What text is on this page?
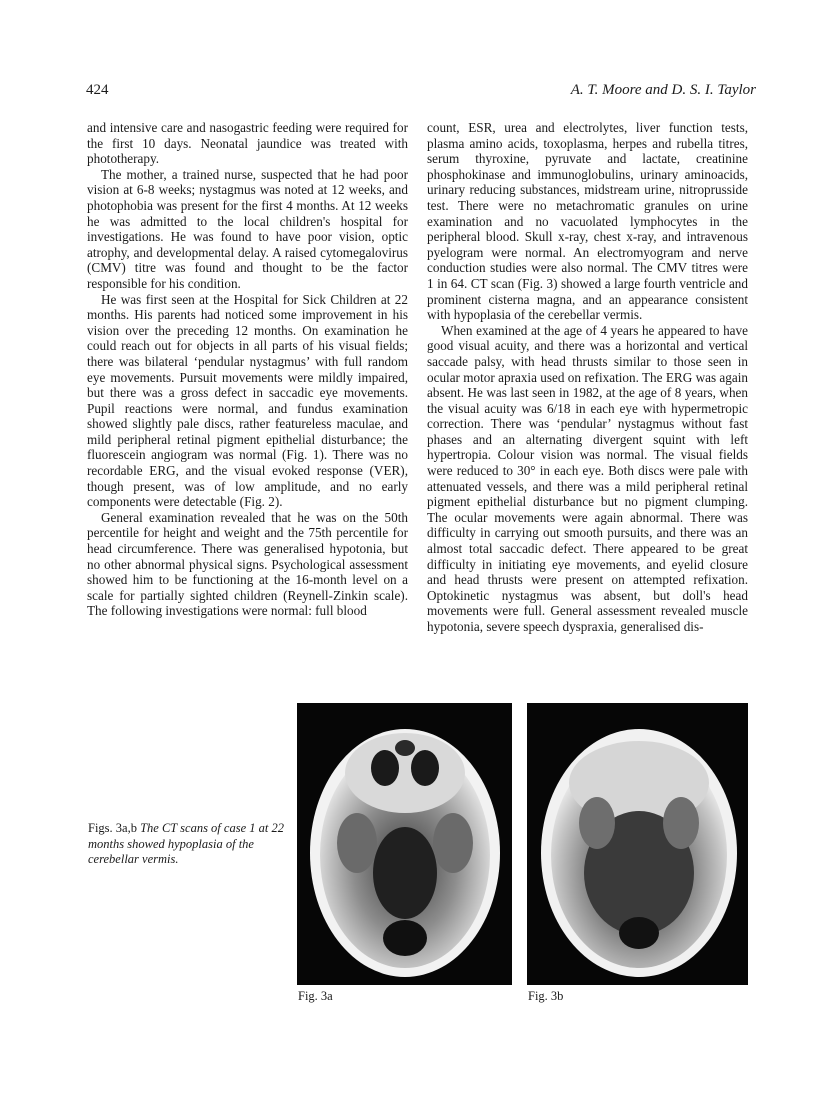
424	A. T. Moore and D. S. I. Taylor

and intensive care and nasogastric feeding were required for the first 10 days. Neonatal jaundice was treated with phototherapy.

The mother, a trained nurse, suspected that he had poor vision at 6-8 weeks; nystagmus was noted at 12 weeks, and photophobia was present for the first 4 months. At 12 weeks he was admitted to the local children's hospital for investigations. He was found to have poor vision, optic atrophy, and developmental delay. A raised cytomegalovirus (CMV) titre was found and thought to be the factor responsible for his condition.

He was first seen at the Hospital for Sick Children at 22 months. His parents had noticed some improvement in his vision over the preceding 12 months. On examination he could reach out for objects in all parts of his visual fields; there was bilateral ‘pendular nystagmus’ with full random eye movements. Pursuit movements were mildly impaired, but there was a gross defect in saccadic eye movements. Pupil reactions were normal, and fundus examination showed slightly pale discs, rather featureless maculae, and mild peripheral retinal pigment epithelial disturbance; the fluorescein angiogram was normal (Fig. 1). There was no recordable ERG, and the visual evoked response (VER), though present, was of low amplitude, and no early components were detectable (Fig. 2).

General examination revealed that he was on the 50th percentile for height and weight and the 75th percentile for head circumference. There was generalised hypotonia, but no other abnormal physical signs. Psychological assessment showed him to be functioning at the 16-month level on a scale for partially sighted children (Reynell-Zinkin scale). The following investigations were normal: full blood

count, ESR, urea and electrolytes, liver function tests, plasma amino acids, toxoplasma, herpes and rubella titres, serum thyroxine, pyruvate and lactate, creatinine phosphokinase and immunoglobulins, urinary aminoacids, urinary reducing substances, midstream urine, nitroprusside test. There were no metachromatic granules on urine examination and no vacuolated lymphocytes in the peripheral blood. Skull x-ray, chest x-ray, and intravenous pyelogram were normal. An electromyogram and nerve conduction studies were also normal. The CMV titres were 1 in 64. CT scan (Fig. 3) showed a large fourth ventricle and prominent cisterna magna, and an appearance consistent with hypoplasia of the cerebellar vermis.

When examined at the age of 4 years he appeared to have good visual acuity, and there was a horizontal and vertical saccade palsy, with head thrusts similar to those seen in ocular motor apraxia used on refixation. The ERG was again absent. He was last seen in 1982, at the age of 8 years, when the visual acuity was 6/18 in each eye with hypermetropic correction. There was ‘pendular’ nystagmus without fast phases and an alternating divergent squint with left hypertropia. Colour vision was normal. The visual fields were reduced to 30° in each eye. Both discs were pale with attenuated vessels, and there was a mild peripheral retinal pigment epithelial disturbance but no pigment clumping. The ocular movements were again abnormal. There was difficulty in carrying out smooth pursuits, and there was an almost total saccadic defect. There appeared to be great difficulty in initiating eye movements, and eyelid closure and head thrusts were present on attempted refixation. Optokinetic nystagmus was absent, but doll's head movements were full. General assessment revealed muscle hypotonia, severe speech dyspraxia, generalised dis-

Figs. 3a,b The CT scans of case 1 at 22 months showed hypoplasia of the cerebellar vermis.
Fig. 3a	Fig. 3b
